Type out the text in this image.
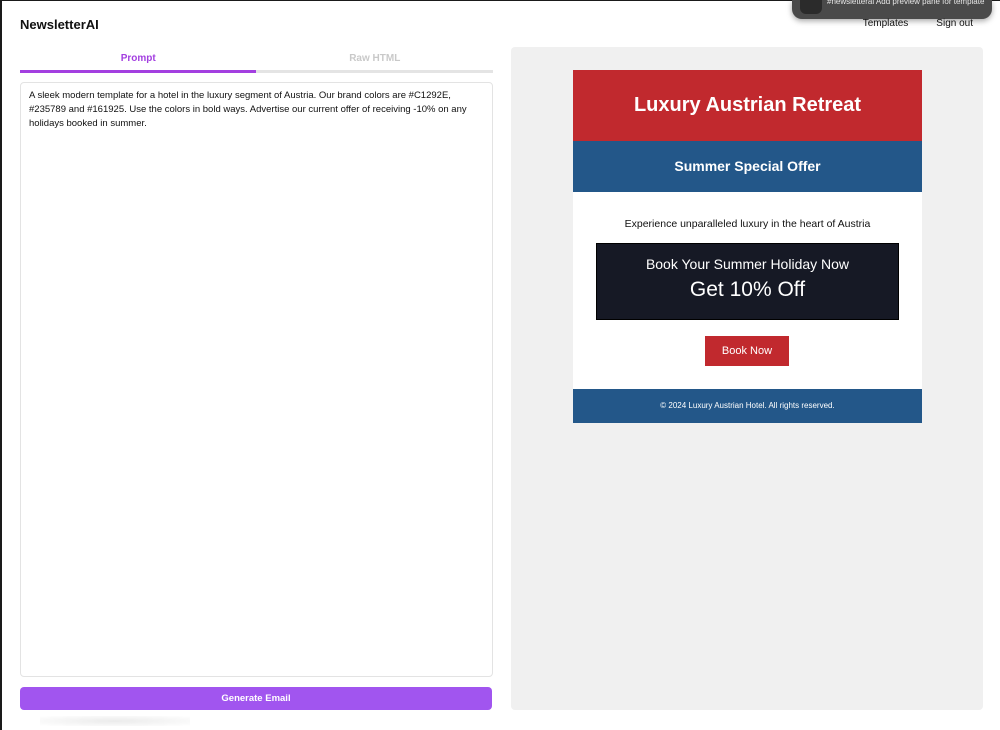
#newsletterai Add preview pane for template
NewsletterAI	Templates	Sign out
Prompt	Raw HTML
A sleek modern template for a hotel in the luxury segment of Austria. Our brand colors are #C1292E, #235789 and #161925. Use the colors in bold ways. Advertise our current offer of receiving -10% on any holidays booked in summer.
Generate Email
Luxury Austrian Retreat
Summer Special Offer
Experience unparalleled luxury in the heart of Austria
Book Your Summer Holiday Now
Get 10% Off
Book Now
© 2024 Luxury Austrian Hotel. All rights reserved.
